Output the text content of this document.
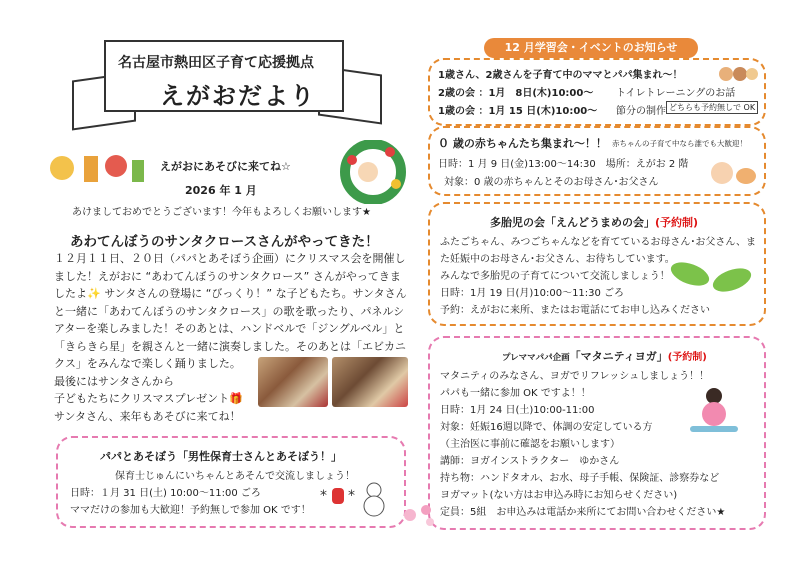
名古屋市熱田区子育て応援拠点
えがおだより
えがおにあそびに来てね☆
2026 年 1 月
あけましておめでとうございます！今年もよろしくお願いします★
あわてんぼうのサンタクロースさんがやってきた！
１２月１１日、２０日（パパとあそぼう企画）にクリスマス会を開催し
ました！えがおに “あわてんぼうのサンタクロース” さんがやってきま
したよ✨ サンタさんの登場に “びっくり！” な子どもたち。サンタさん
と一緒に「あわてんぼうのサンタクロース」の歌を歌ったり、パネルシ
アターを楽しみました！そのあとは、ハンドベルで「ジングルベル」と
「きらきら星」を親さんと一緒に演奏しました。そのあとは「エビカニ
クス」をみんなで楽しく踊りました。
最後にはサンタさんから
子どもたちにクリスマスプレゼント🎁
サンタさん、来年もあそびに来てね！
パパとあそぼう「男性保育士さんとあそぼう！」
保育士じゅんにいちゃんとあそんで交流しましょう！
日時：１月 31 日(土) 10:00～11:00 ごろ
ママだけの参加も大歓迎！予約無しで参加 OK です！
* *
12 月学習会・イベントのお知らせ
1歳さん、2歳さんを子育て中のママとパパ集まれ～！
2歳の会 ：1月　8日(木)10:00～ トイレトレーニングのお話
1歳の会 ：1月 15 日(木)10:00～ 節分の制作 どちらも予約無しで OK
０ 歳の赤ちゃんたち集まれ～！！ 赤ちゃんの子育て中なら誰でも大歓迎！
日時：1 月 9 日(金)13:00～14:30　場所：えがお 2 階
対象：0 歳の赤ちゃんとそのお母さん･お父さん
多胎児の会「えんどうまめの会」(予約制)
ふたごちゃん、みつごちゃんなどを育てているお母さん･お父さん、ま
た妊娠中のお母さん･お父さん、お待ちしています。
みんなで多胎児の子育てについて交流しましょう！
日時：1月 19 日(月)10:00～11:30 ごろ
予約：えがおに来所、またはお電話にてお申し込みください
プレママパパ企画「マタニティヨガ」(予約制)
マタニティのみなさん、ヨガでリフレッシュしましょう！！
パパも一緒に参加 OK ですよ！！
日時：1月 24 日(土)10:00-11:00
対象：妊娠16週以降で、体調の安定している方
（主治医に事前に確認をお願いします）
講師：ヨガインストラクター　ゆかさん
持ち物：ハンドタオル、お水、母子手帳、保険証、診察券など
ヨガマット(ない方はお申込み時にお知らせください)
定員：5組　お申込みは電話か来所にてお問い合わせください★
